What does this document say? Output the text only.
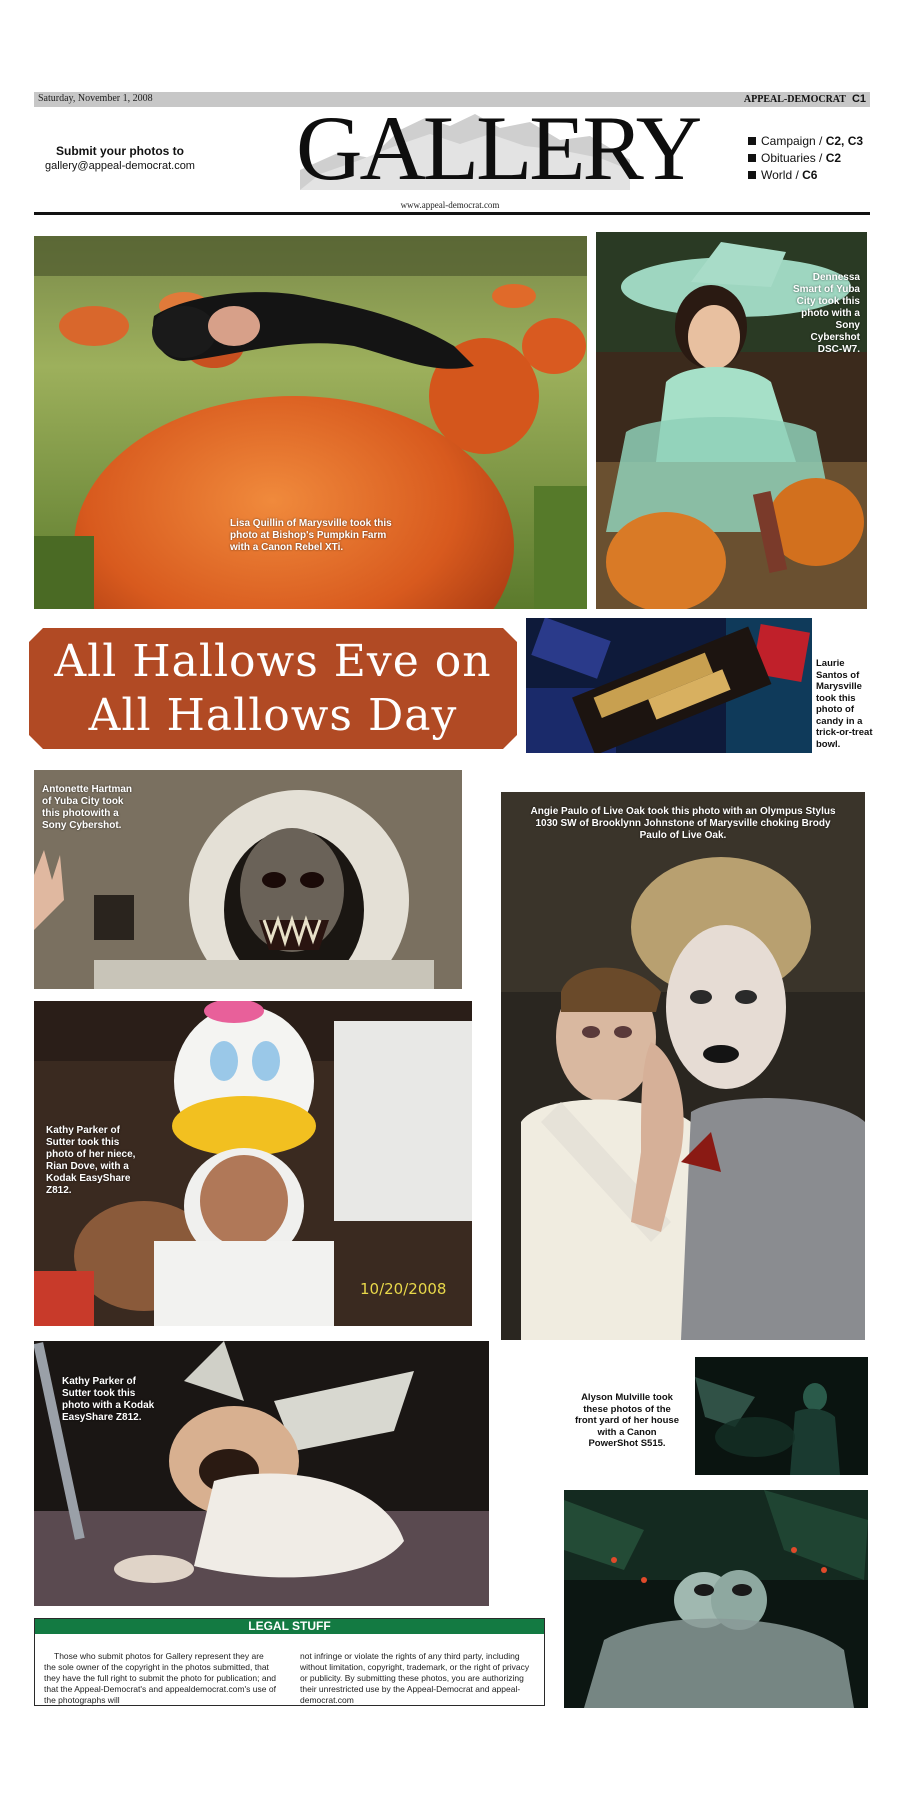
Saturday, November 1, 2008	APPEAL-DEMOCRAT C1
GALLERY
www.appeal-democrat.com
Submit your photos to
gallery@appeal-democrat.com
Campaign / C2, C3
Obituaries / C2
World / C6
Lisa Quillin of Marysville took this photo at Bishop's Pumpkin Farm with a Canon Rebel XTi.
Dennessa Smart of Yuba City took this photo with a Sony Cybershot DSC-W7.
All Hallows Eve on
All Hallows Day
Laurie Santos of Marysville took this photo of candy in a trick-or-treat bowl.
Antonette Hartman of Yuba City took this photowith a Sony Cybershot.
Angie Paulo of Live Oak took this photo with an Olympus Stylus 1030 SW of Brooklynn Johnstone of Marysville choking Brody Paulo of Live Oak.
Kathy Parker of Sutter took this photo of her niece, Rian Dove, with a Kodak EasyShare Z812.
10/20/2008
Kathy Parker of Sutter took this photo with a Kodak EasyShare Z812.
Alyson Mulville took these photos of the front yard of her house with a Canon PowerShot S515.
LEGAL STUFF
Those who submit photos for Gallery represent they are the sole owner of the copyright in the photos submitted, that they have the full right to submit the photo for publication; and that the Appeal-Democrat's and appealdemocrat.com's use of the photographs will
not infringe or violate the rights of any third party, including without limitation, copyright, trademark, or the right of privacy or publicity. By submitting these photos, you are authorizing their unrestricted use by the Appeal-Democrat and appeal-democrat.com
